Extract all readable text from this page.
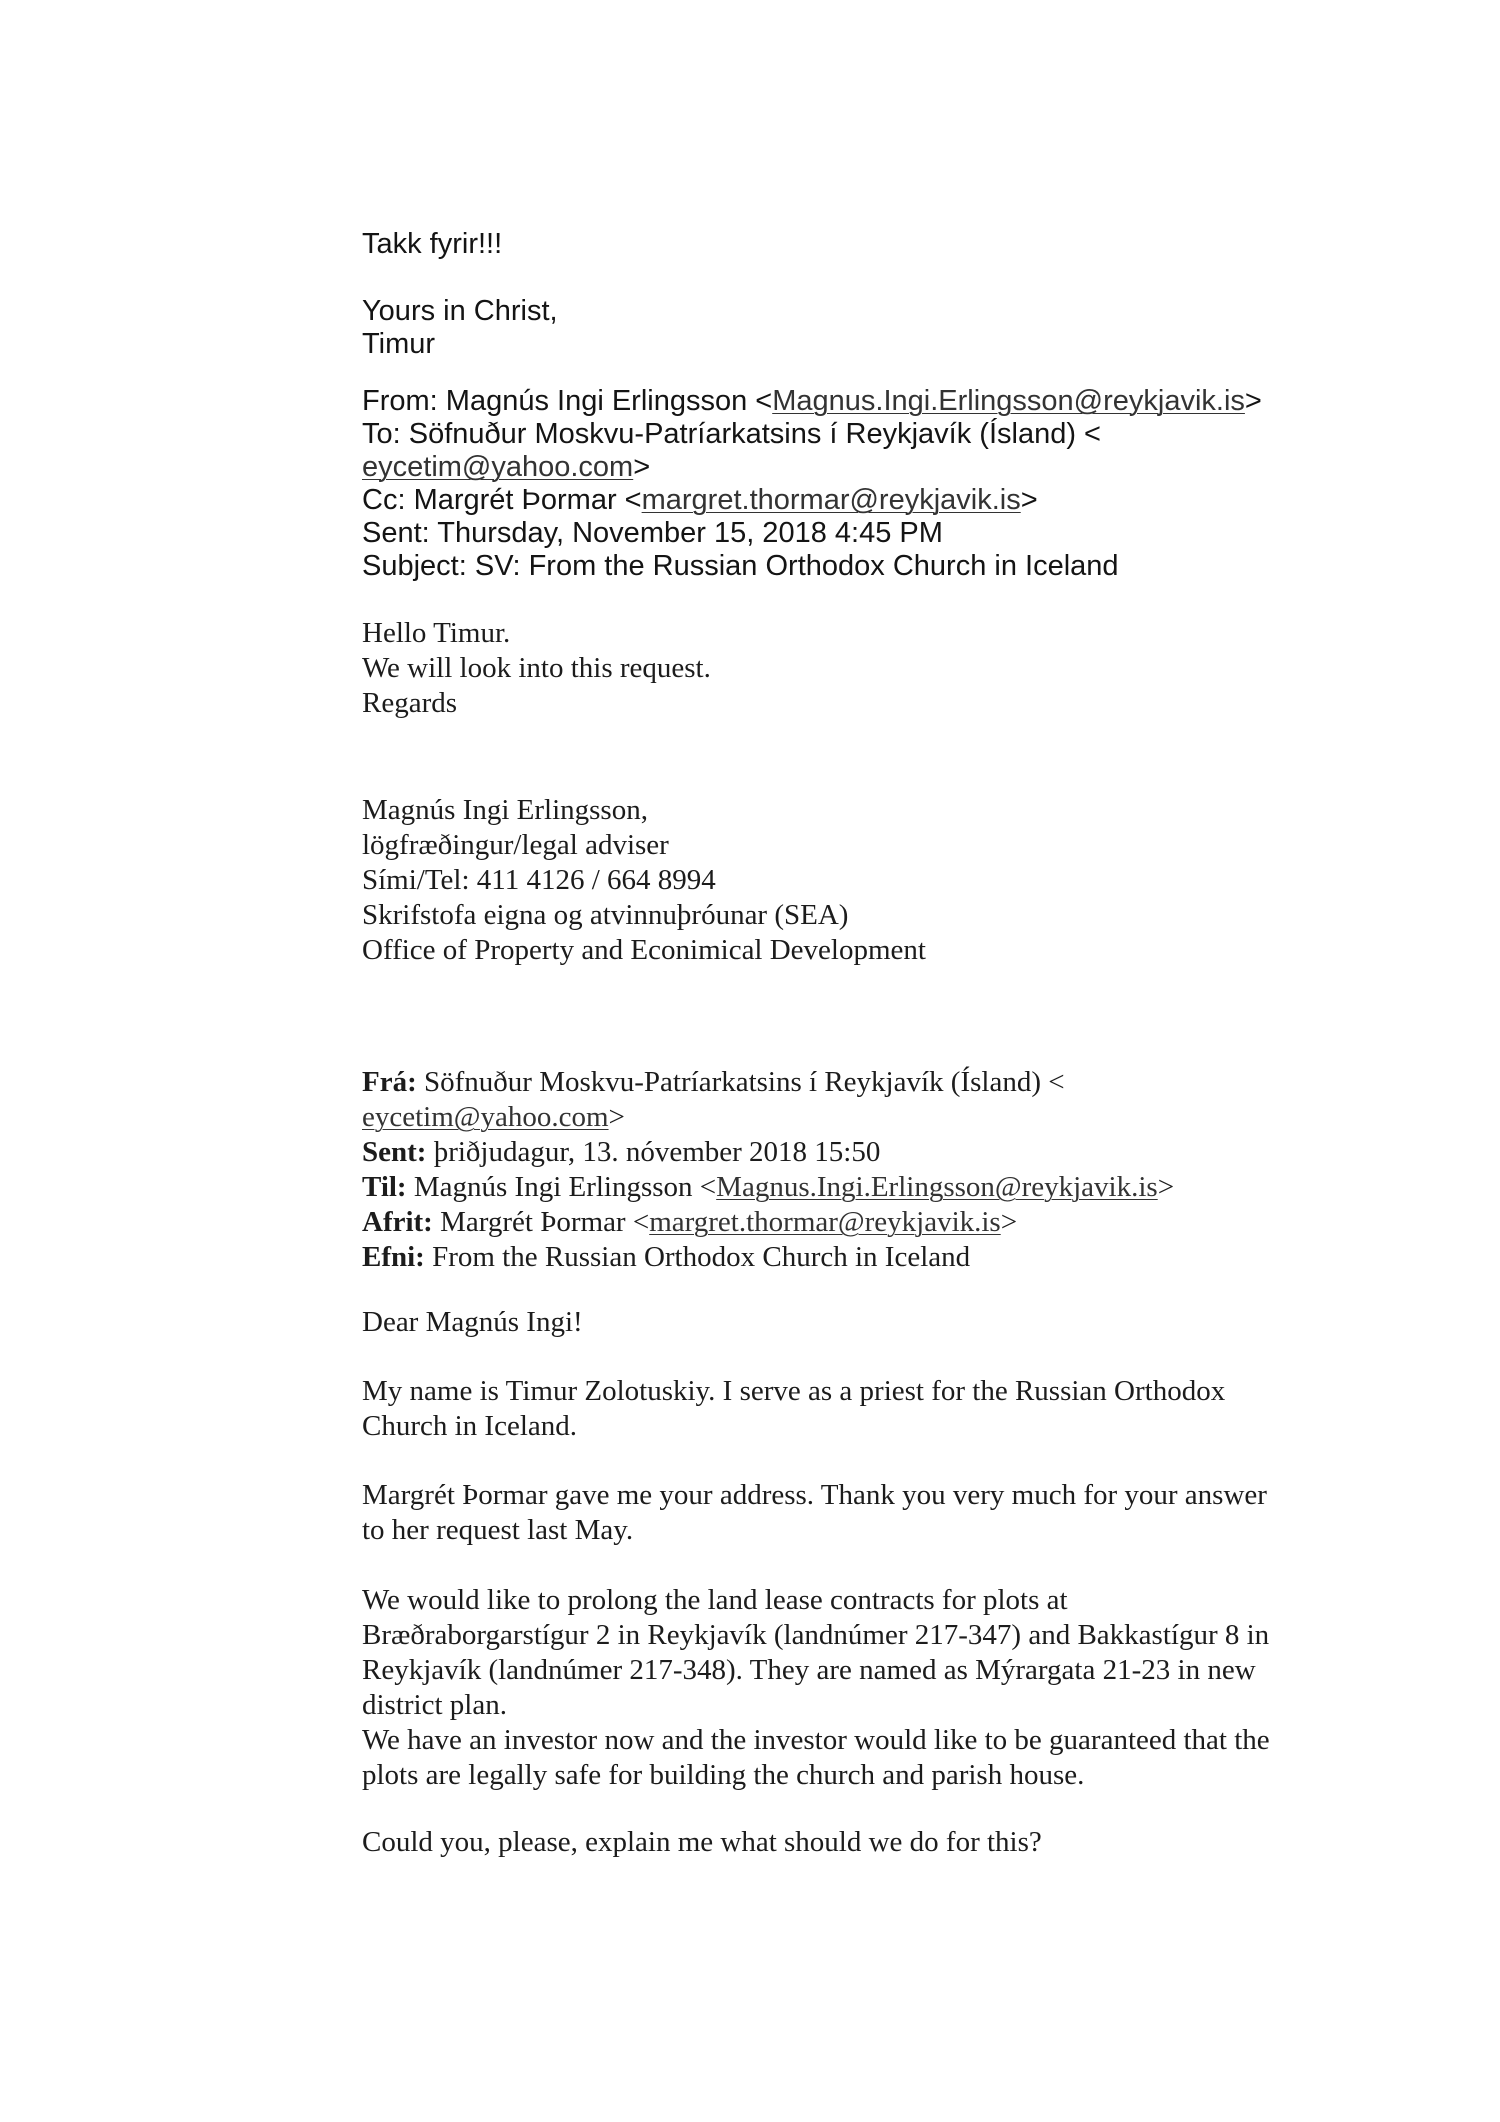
Takk fyrir!!!
Yours in Christ,
Timur
From: Magnús Ingi Erlingsson <Magnus.Ingi.Erlingsson@reykjavik.is>
To: Söfnuður Moskvu-Patríarkatsins í Reykjavík (Ísland) <
eycetim@yahoo.com>
Cc: Margrét Þormar <margret.thormar@reykjavik.is>
Sent: Thursday, November 15, 2018 4:45 PM
Subject: SV: From the Russian Orthodox Church in Iceland
Hello Timur.
We will look into this request.
Regards
Magnús Ingi Erlingsson,
lögfræðingur/legal adviser
Sími/Tel: 411 4126 / 664 8994
Skrifstofa eigna og atvinnuþróunar (SEA)
Office of Property and Econimical Development
Frá: Söfnuður Moskvu-Patríarkatsins í Reykjavík (Ísland) <
eycetim@yahoo.com>
Sent: þriðjudagur, 13. nóvember 2018 15:50
Til: Magnús Ingi Erlingsson <Magnus.Ingi.Erlingsson@reykjavik.is>
Afrit: Margrét Þormar <margret.thormar@reykjavik.is>
Efni: From the Russian Orthodox Church in Iceland
Dear Magnús Ingi!
My name is Timur Zolotuskiy. I serve as a priest for the Russian Orthodox
Church in Iceland.
Margrét Þormar gave me your address. Thank you very much for your answer
to her request last May.
We would like to prolong the land lease contracts for plots at
Bræðraborgarstígur 2 in Reykjavík (landnúmer 217-347) and Bakkastígur 8 in
Reykjavík (landnúmer 217-348). They are named as Mýrargata 21-23 in new
district plan.
We have an investor now and the investor would like to be guaranteed that the
plots are legally safe for building the church and parish house.
Could you, please, explain me what should we do for this?
